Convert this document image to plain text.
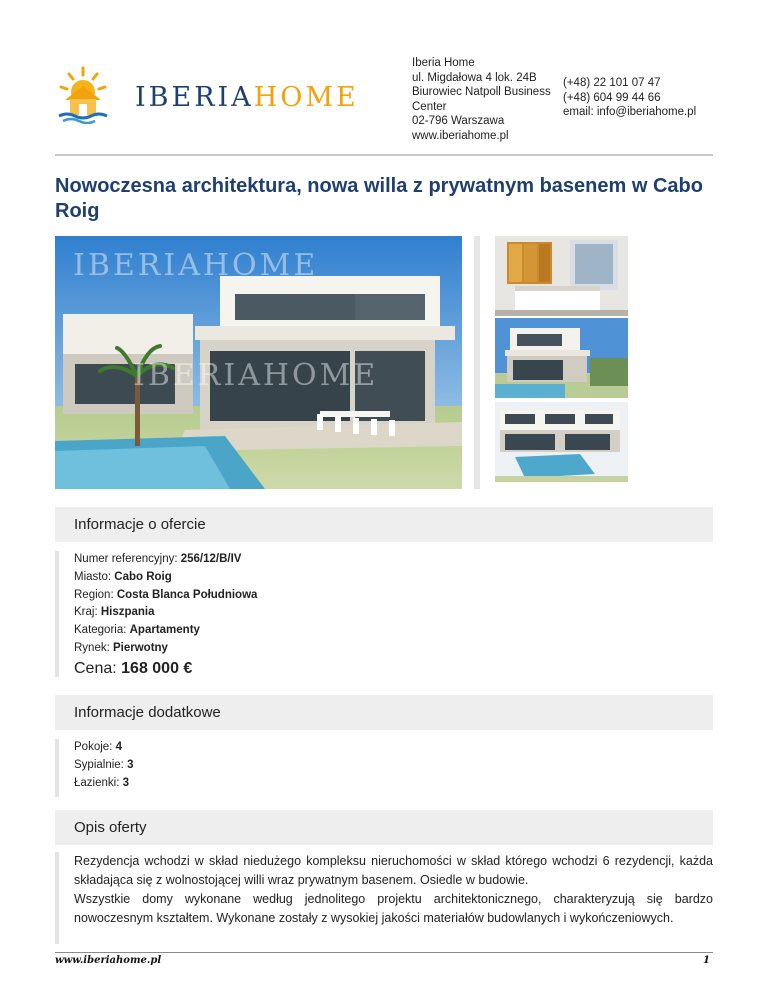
IBERIAHOME
Iberia Home
ul. Migdałowa 4 lok. 24B
Biurowiec Natpoll Business
Center
02-796 Warszawa
www.iberiahome.pl
(+48) 22 101 07 47
(+48) 604 99 44 66
email: info@iberiahome.pl
Nowoczesna architektura, nowa willa z prywatnym basenem w Cabo Roig
IBERIAHOME
IBERIAHOME
Informacje o ofercie
Numer referencyjny: 256/12/B/IV
Miasto: Cabo Roig
Region: Costa Blanca Południowa
Kraj: Hiszpania
Kategoria: Apartamenty
Rynek: Pierwotny
Cena: 168 000 €
Informacje dodatkowe
Pokoje: 4
Sypialnie: 3
Łazienki: 3
Opis oferty
Rezydencja wchodzi w skład niedużego kompleksu nieruchomości w skład którego wchodzi 6 rezydencji, każda składająca się z wolnostojącej willi wraz prywatnym basenem. Osiedle w budowie.
Wszystkie domy wykonane według jednolitego projektu architektonicznego, charakteryzują się bardzo nowoczesnym kształtem. Wykonane zostały z wysokiej jakości materiałów budowlanych i wykończeniowych.
www.iberiahome.pl	1
